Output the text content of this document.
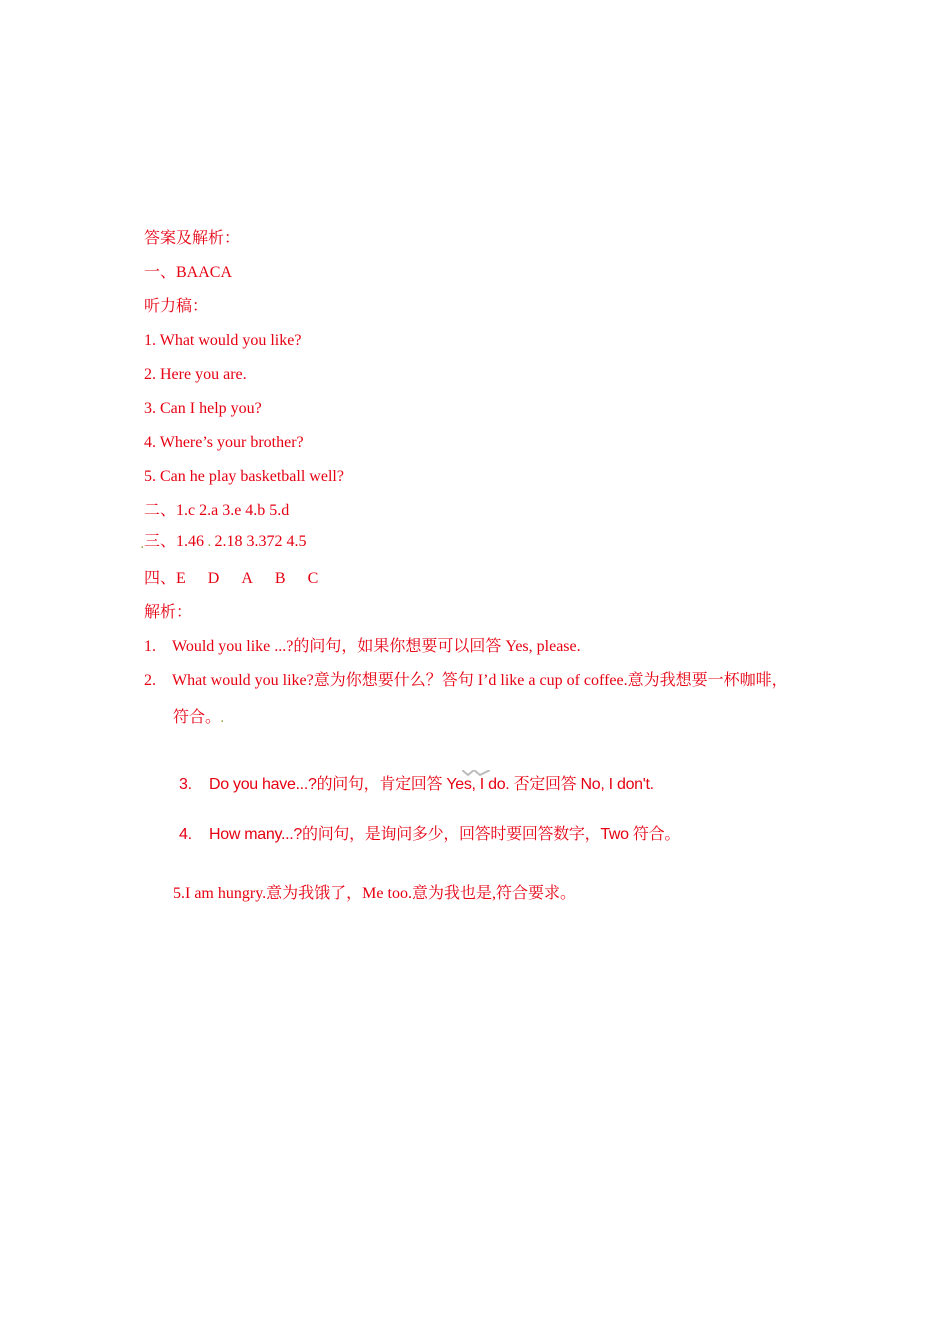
答案及解析：
一、BAACA
听力稿：
1. What would you like?
2. Here you are.
3. Can I help you?
4. Where’s your brother?
5. Can he play basketball well?
二、1.c 2.a 3.e 4.b 5.d
. 三、1.46 . 2.18 3.372 4.5
四、E D A B C
解析：
1. Would you like ...?的问句，如果你想要可以回答 Yes, please.
2. What would you like?意为你想要什么？答句 I’d like a cup of coffee.意为我想要一杯咖啡，
符合。.
3. Do you have...?的问句，肯定回答 Yes, I do. 否定回答 No, I don't.
4. How many...?的问句，是询问多少，回答时要回答数字，Two 符合。
5.I am hungry.意为我饿了，Me too.意为我也是,符合要求。
